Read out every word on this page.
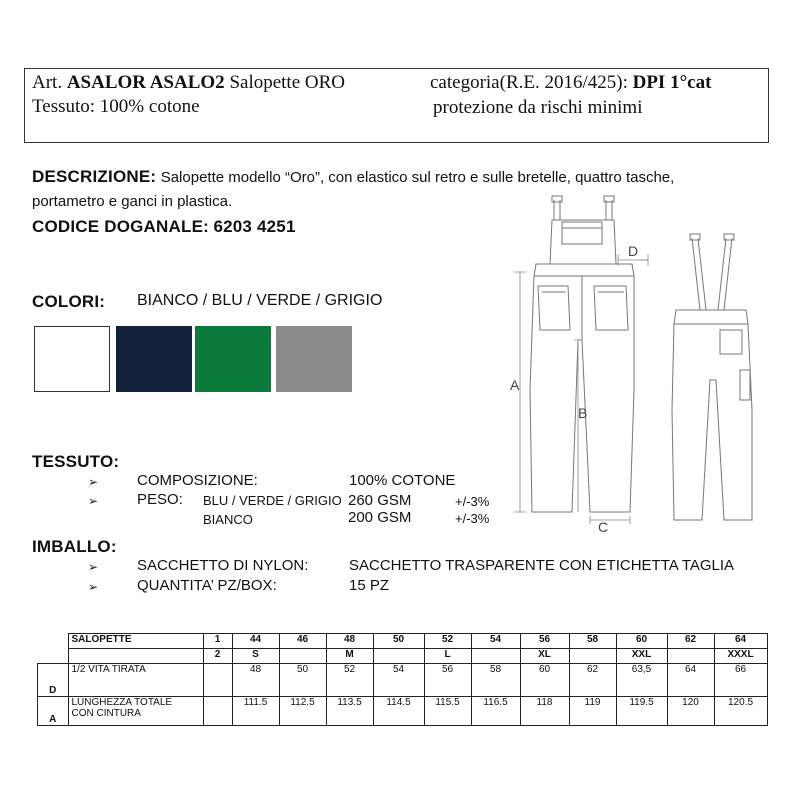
Art. ASALOR ASALO2 Salopette ORO	categoria(R.E. 2016/425): DPI 1°cat
Tessuto: 100% cotone	protezione da rischi minimi
DESCRIZIONE: Salopette modello “Oro”, con elastico sul retro e sulle bretelle, quattro tasche,
portametro e ganci in plastica.
CODICE DOGANALE: 6203 4251
COLORI: BIANCO / BLU / VERDE / GRIGIO
TESSUTO:
➢	COMPOSIZIONE:	100% COTONE
➢	PESO: BLU / VERDE / GRIGIO 260 GSM	+/-3%
BIANCO	200 GSM	+/-3%
IMBALLO:
➢	SACCHETTO DI NYLON:	SACCHETTO TRASPARENTE CON ETICHETTA TAGLIA
➢	QUANTITA’ PZ/BOX:	15 PZ
D
A
B
C
	SALOPETTE	1	44	46	48	50	52	54	56	58	60	62	64
		2	S		M		L		XL		XXL		XXXL
D	1/2 VITA TIRATA		48	50	52	54	56	58	60	62	63,5	64	66
A	LUNGHEZZA TOTALE
CON CINTURA		111.5	112.5	113.5	114.5	115.5	116.5	118	119	119.5	120	120.5
